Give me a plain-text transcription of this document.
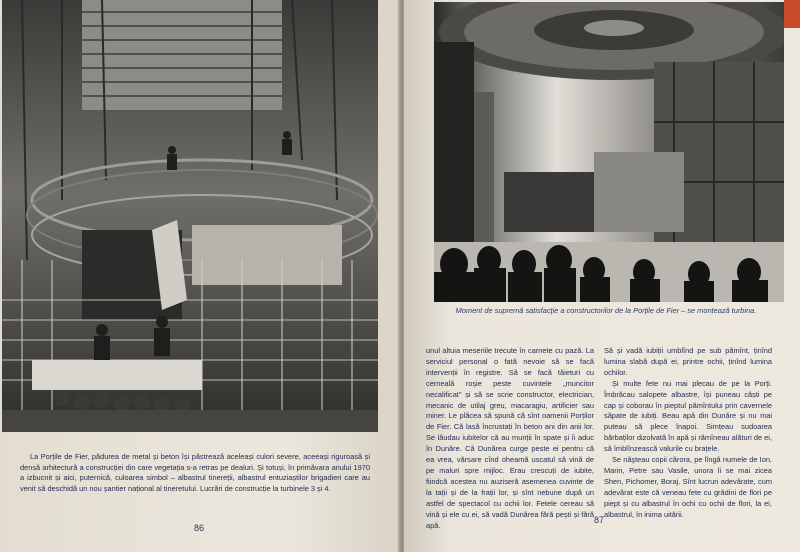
La Porțile de Fier, pădurea de metal și beton își păstrează aceleași culori severe, aceeași riguroasă și densă arhitectură a construcției din care vegetația s-a retras pe dealuri. Și totuși, în primăvara anului 1970 a izbucnit și aici, puternică, culoarea simbol – albastrul tinereții, albastrul entuziaștilor brigadieri care au venit să deschidă un nou șantier național al tineretului. Lucrări de construcție la turbinele 3 și 4.
86
Moment de supremă satisfacție a constructorilor de la Porțile de Fier – se montează turbina.

unul altuia meseriile trecute în carnete cu pază. La serviciul personal o fată nevoie să se facă intervenții în registre. Să se facă tăieturi cu cerneală roșie peste cuvintele „muncitor necalificat" și să se scrie constructor, electrician, mecanic de utilaj greu, macaragiu, artificier sau miner. Le plăcea să spună că sînt oamenii Porților de Fier. Că lasă încrustați în beton ani din anii lor. Se lăudau iubitelor că au munții în spate și îi aduc în Dunăre. Că Dunărea curge peste ei pentru că ea vrea, vărsare cînd oheamă uscatul să vină de pe maluri spre mijloc. Erau crescuți de iubite, fiindcă acestea nu auziseră asemenea cuvinte de la tații și de la frații lor, și sînt nebune după un astfel de spectacol cu ochii lor. Fetele cereau să vină și ele cu ei, să vadă Dunărea fără pești și fără apă.

Să și vadă iubiții umblînd pe sub pămînt, ținînd lumina slabă după ei, printre ochii, ținînd lumina ochilor.

Și multe fete nu mai plecau de pe la Porți. Îmbrăcau salopete albastre, își puneau căști pe cap și coborau în pieptul pămîntului prin cavernele săpate de iubiți. Beau apă din Dunăre și nu mai puteau să plece înapoi. Simțeau sudoarea bărbaților dizolvată în apă și rămîneau alături de ei, să îmblînzească valurile cu brațele.

Se năşteau copii cărora, pe lîngă numele de Ion, Marin, Petre sau Vasile, unora li se mai zicea Shen, Pichomer, Boraj. Sînt lucruri adevărate, cum adevărat este că veneau fete cu grădini de flori pe piept și cu albastrul în ochi cu ochii de flori, la ei, albastrul, în inima uitării.

87
